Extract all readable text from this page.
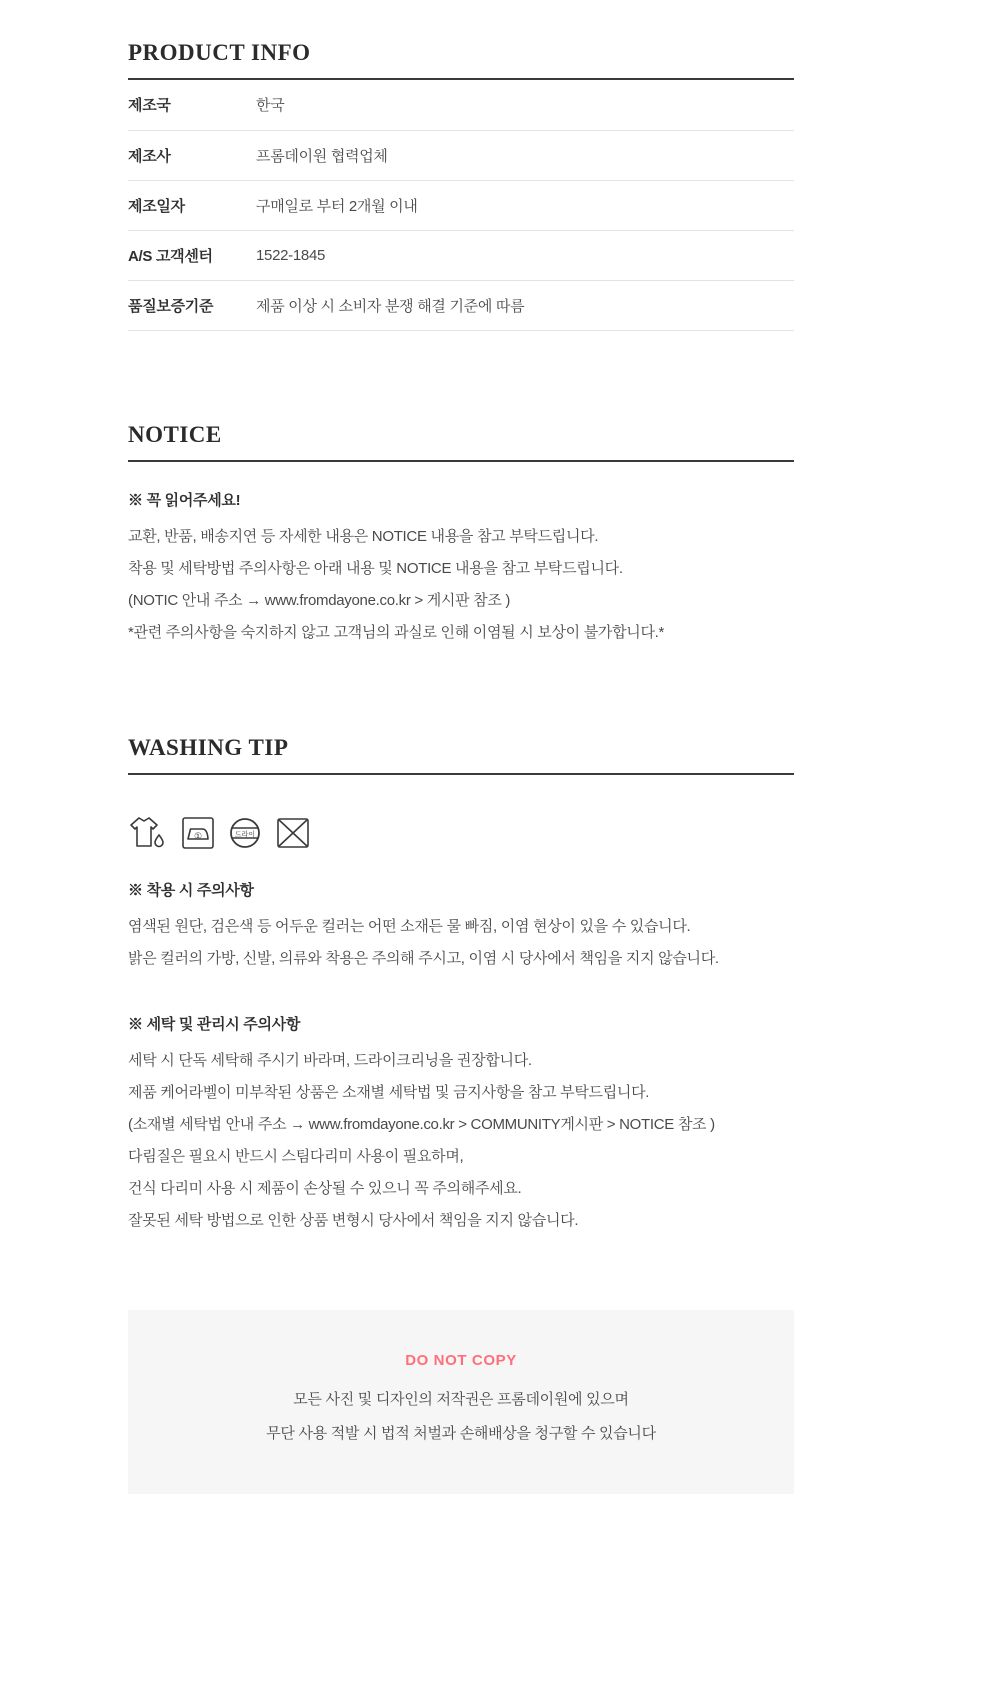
PRODUCT INFO
제조국	한국
제조사	프롬데이원 협력업체
제조일자	구매일로 부터 2개월 이내
A/S 고객센터	1522-1845
품질보증기준	제품 이상 시 소비자 분쟁 해결 기준에 따름
NOTICE
※ 꼭 읽어주세요!
교환, 반품, 배송지연 등 자세한 내용은 NOTICE 내용을 참고 부탁드립니다.
착용 및 세탁방법 주의사항은 아래 내용 및 NOTICE 내용을 참고 부탁드립니다.
(NOTIC 안내 주소 → www.fromdayone.co.kr > 게시판 참조 )
*관련 주의사항을 숙지하지 않고 고객님의 과실로 인해 이염될 시 보상이 불가합니다.*
WASHING TIP
①	드라이
※ 착용 시 주의사항
염색된 원단, 검은색 등 어두운 컬러는 어떤 소재든 물 빠짐, 이염 현상이 있을 수 있습니다.
밝은 컬러의 가방, 신발, 의류와 착용은 주의해 주시고, 이염 시 당사에서 책임을 지지 않습니다.
※ 세탁 및 관리시 주의사항
세탁 시 단독 세탁해 주시기 바라며, 드라이크리닝을 권장합니다.
제품 케어라벨이 미부착된 상품은 소재별 세탁법 및 금지사항을 참고 부탁드립니다.
(소재별 세탁법 안내 주소 → www.fromdayone.co.kr > COMMUNITY게시판 > NOTICE 참조 )
다림질은 필요시 반드시 스팀다리미 사용이 필요하며,
건식 다리미 사용 시 제품이 손상될 수 있으니 꼭 주의해주세요.
잘못된 세탁 방법으로 인한 상품 변형시 당사에서 책임을 지지 않습니다.
DO NOT COPY
모든 사진 및 디자인의 저작권은 프롬데이원에 있으며
무단 사용 적발 시 법적 처벌과 손해배상을 청구할 수 있습니다
